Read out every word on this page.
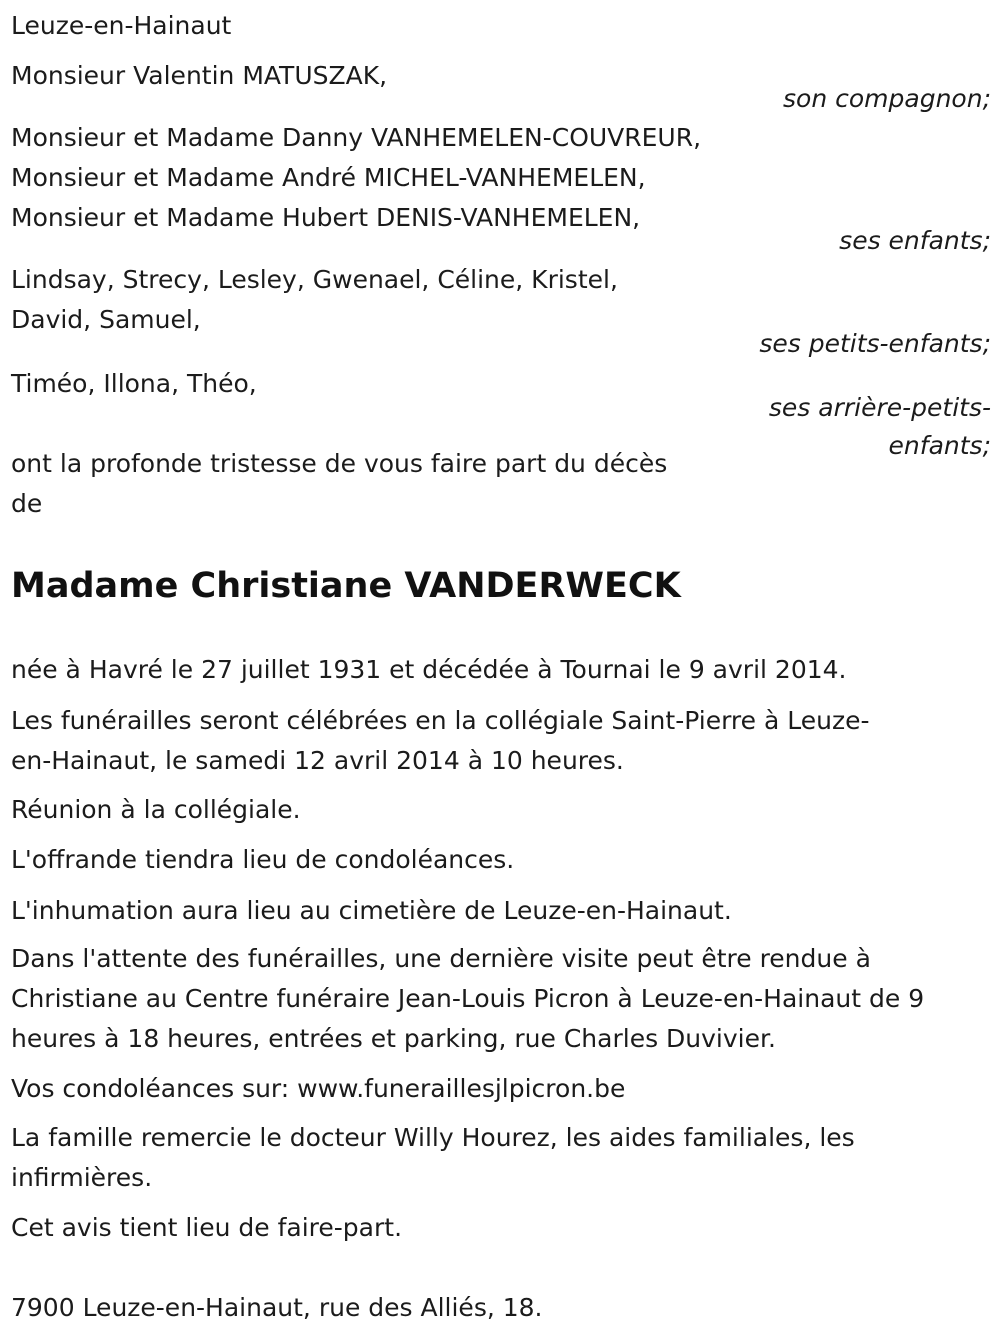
Leuze-en-Hainaut
Monsieur Valentin MATUSZAK,
son compagnon;
Monsieur et Madame Danny VANHEMELEN-COUVREUR,
Monsieur et Madame André MICHEL-VANHEMELEN,
Monsieur et Madame Hubert DENIS-VANHEMELEN,
ses enfants;
Lindsay, Strecy, Lesley, Gwenael, Céline, Kristel,
David, Samuel,
ses petits-enfants;
Timéo, Illona, Théo,
ses arrière-petits-
enfants;
ont la profonde tristesse de vous faire part du décès
de
Madame Christiane VANDERWECK
née à Havré le 27 juillet 1931 et décédée à Tournai le 9 avril 2014.
Les funérailles seront célébrées en la collégiale Saint-Pierre à Leuze-
en-Hainaut, le samedi 12 avril 2014 à 10 heures.
Réunion à la collégiale.
L'offrande tiendra lieu de condoléances.
L'inhumation aura lieu au cimetière de Leuze-en-Hainaut.
Dans l'attente des funérailles, une dernière visite peut être rendue à
Christiane au Centre funéraire Jean-Louis Picron à Leuze-en-Hainaut de 9
heures à 18 heures, entrées et parking, rue Charles Duvivier.
Vos condoléances sur: www.funeraillesjlpicron.be
La famille remercie le docteur Willy Hourez, les aides familiales, les
infirmières.
Cet avis tient lieu de faire-part.
7900 Leuze-en-Hainaut, rue des Alliés, 18.
